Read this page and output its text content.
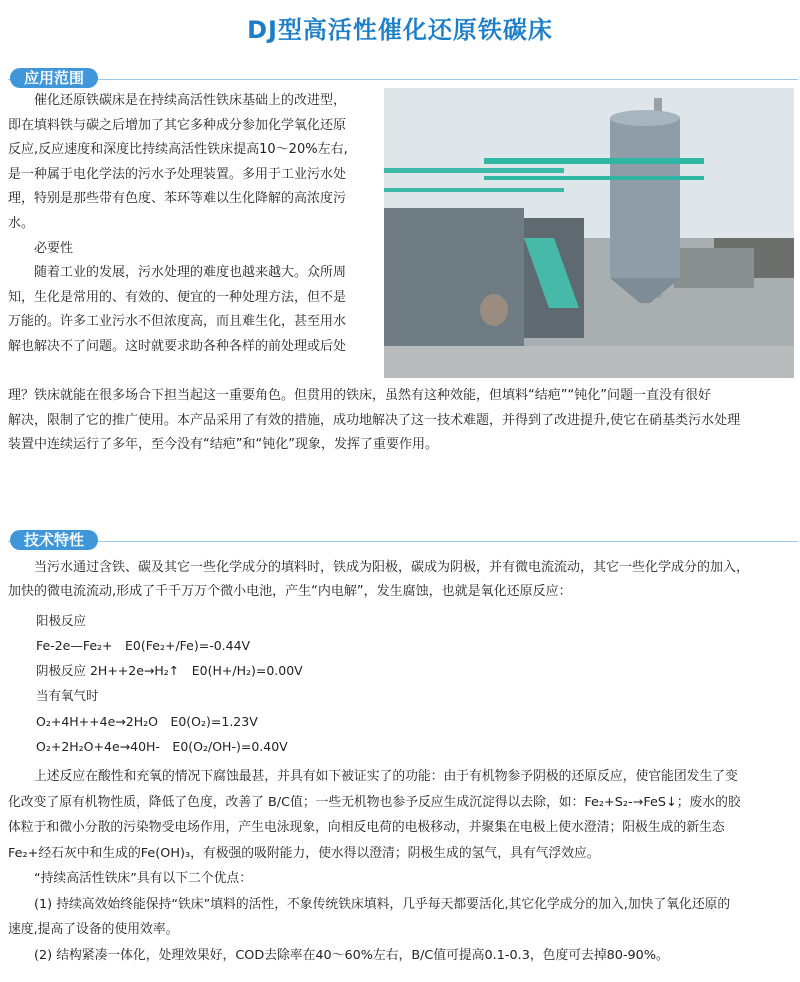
DJ型高活性催化还原铁碳床
应用范围

催化还原铁碳床是在持续高活性铁床基础上的改进型，

即在填料铁与碳之后增加了其它多种成分参加化学氧化还原

反应,反应速度和深度比持续高活性铁床提高10～20%左右,

是一种属于电化学法的污水予处理装置。多用于工业污水处

理，特别是那些带有色度、苯环等难以生化降解的高浓度污

水。

必要性

随着工业的发展，污水处理的难度也越来越大。众所周

知，生化是常用的、有效的、便宜的一种处理方法，但不是

万能的。许多工业污水不但浓度高，而且难生化，甚至用水

解也解决不了问题。这时就要求助各种各样的前处理或后处

理？铁床就能在很多场合下担当起这一重要角色。但贯用的铁床，虽然有这种效能，但填料“结疤”“钝化”问题一直没有很好

解决，限制了它的推广使用。本产品采用了有效的措施，成功地解决了这一技术难题，并得到了改进提升,使它在硝基类污水处理

装置中连续运行了多年，至今没有“结疤”和“钝化”现象，发挥了重要作用。

技术特性

当污水通过含铁、碳及其它一些化学成分的填料时，铁成为阳极，碳成为阴极，并有微电流流动，其它一些化学成分的加入，

加快的微电流流动,形成了千千万万个微小电池，产生“内电解”，发生腐蚀，也就是氧化还原反应：

阳极反应
Fe-2e—Fe₂+　E0(Fe₂+/Fe)=-0.44V
阴极反应 2H++2e→H₂↑　E0(H+/H₂)=0.00V
当有氧气时
O₂+4H++4e→2H₂O　E0(O₂)=1.23V
O₂+2H₂O+4e→40H-　E0(O₂/OH-)=0.40V

上述反应在酸性和充氧的情况下腐蚀最甚，并具有如下被证实了的功能：由于有机物参予阴极的还原反应，使官能团发生了变

化改变了原有机物性质，降低了色度，改善了 B/C值；一些无机物也参予反应生成沉淀得以去除，如：Fe₂+S₂-→FeS↓；废水的胶

体粒于和微小分散的污染物受电场作用，产生电泳现象，向相反电荷的电极移动，并聚集在电极上使水澄清；阳极生成的新生态

Fe₂+经石灰中和生成的Fe(OH)₃，有极强的吸附能力，使水得以澄清；阴极生成的氢气，具有气浮效应。

“持续高活性铁床”具有以下二个优点：

(1) 持续高效始终能保持“铁床”填料的活性，不象传统铁床填料，几乎每天都要活化,其它化学成分的加入,加快了氧化还原的

速度,提高了设备的使用效率。

(2) 结构紧凑一体化，处理效果好，COD去除率在40～60%左右，B/C值可提高0.1-0.3，色度可去掉80-90%。
